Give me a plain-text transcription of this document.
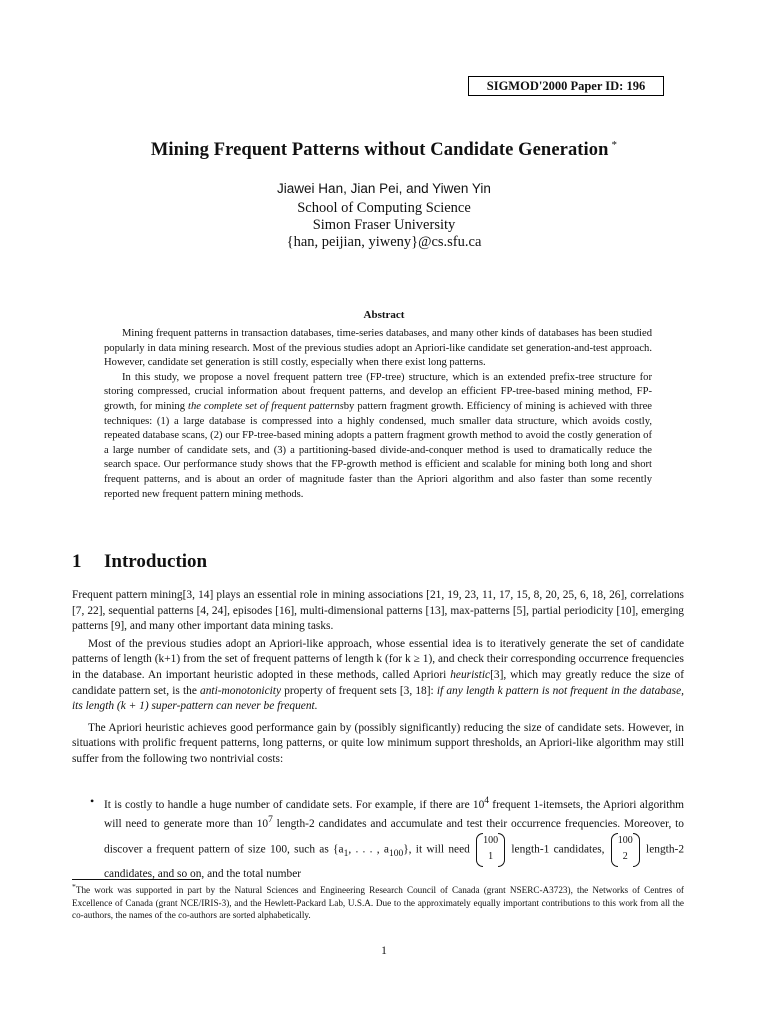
SIGMOD'2000 Paper ID: 196
Mining Frequent Patterns without Candidate Generation *
Jiawei Han, Jian Pei, and Yiwen Yin
School of Computing Science
Simon Fraser University
{han, peijian, yiweny}@cs.sfu.ca
Abstract

Mining frequent patterns in transaction databases, time-series databases, and many other kinds of databases has been studied popularly in data mining research. Most of the previous studies adopt an Apriori-like candidate set generation-and-test approach. However, candidate set generation is still costly, especially when there exist long patterns.

In this study, we propose a novel frequent pattern tree (FP-tree) structure, which is an extended prefix-tree structure for storing compressed, crucial information about frequent patterns, and develop an efficient FP-tree-based mining method, FP-growth, for mining the complete set of frequent patternsby pattern fragment growth. Efficiency of mining is achieved with three techniques: (1) a large database is compressed into a highly condensed, much smaller data structure, which avoids costly, repeated database scans, (2) our FP-tree-based mining adopts a pattern fragment growth method to avoid the costly generation of a large number of candidate sets, and (3) a partitioning-based divide-and-conquer method is used to dramatically reduce the search space. Our performance study shows that the FP-growth method is efficient and scalable for mining both long and short frequent patterns, and is about an order of magnitude faster than the Apriori algorithm and also faster than some recently reported new frequent pattern mining methods.

1 Introduction

Frequent pattern mining[3, 14] plays an essential role in mining associations [21, 19, 23, 11, 17, 15, 8, 20, 25, 6, 18, 26], correlations [7, 22], sequential patterns [4, 24], episodes [16], multi-dimensional patterns [13], max-patterns [5], partial periodicity [10], emerging patterns [9], and many other important data mining tasks.

Most of the previous studies adopt an Apriori-like approach, whose essential idea is to iteratively generate the set of candidate patterns of length (k+1) from the set of frequent patterns of length k (for k ≥ 1), and check their corresponding occurrence frequencies in the database. An important heuristic adopted in these methods, called Apriori heuristic[3], which may greatly reduce the size of candidate pattern set, is the anti-monotonicity property of frequent sets [3, 18]: if any length k pattern is not frequent in the database, its length (k + 1) super-pattern can never be frequent.

The Apriori heuristic achieves good performance gain by (possibly significantly) reducing the size of candidate sets. However, in situations with prolific frequent patterns, long patterns, or quite low minimum support thresholds, an Apriori-like algorithm may still suffer from the following two nontrivial costs:

• It is costly to handle a huge number of candidate sets. For example, if there are $10^4$ frequent 1-itemsets, the Apriori algorithm will need to generate more than $10^7$ length-2 candidates and accumulate and test their occurrence frequencies. Moreover, to discover a frequent pattern of size 100, such as {$a_1$, . . . , $a_{100}$}, it will need
100
1
length-1 candidates,
100
2
length-2 candidates, and so on, and the total number
*The work was supported in part by the Natural Sciences and Engineering Research Council of Canada (grant NSERC-A3723), the Networks of Centres of Excellence of Canada (grant NCE/IRIS-3), and the Hewlett-Packard Lab, U.S.A. Due to the approximately equally important contributions to this work from all the co-authors, the names of the co-authors are sorted alphabetically.
1
